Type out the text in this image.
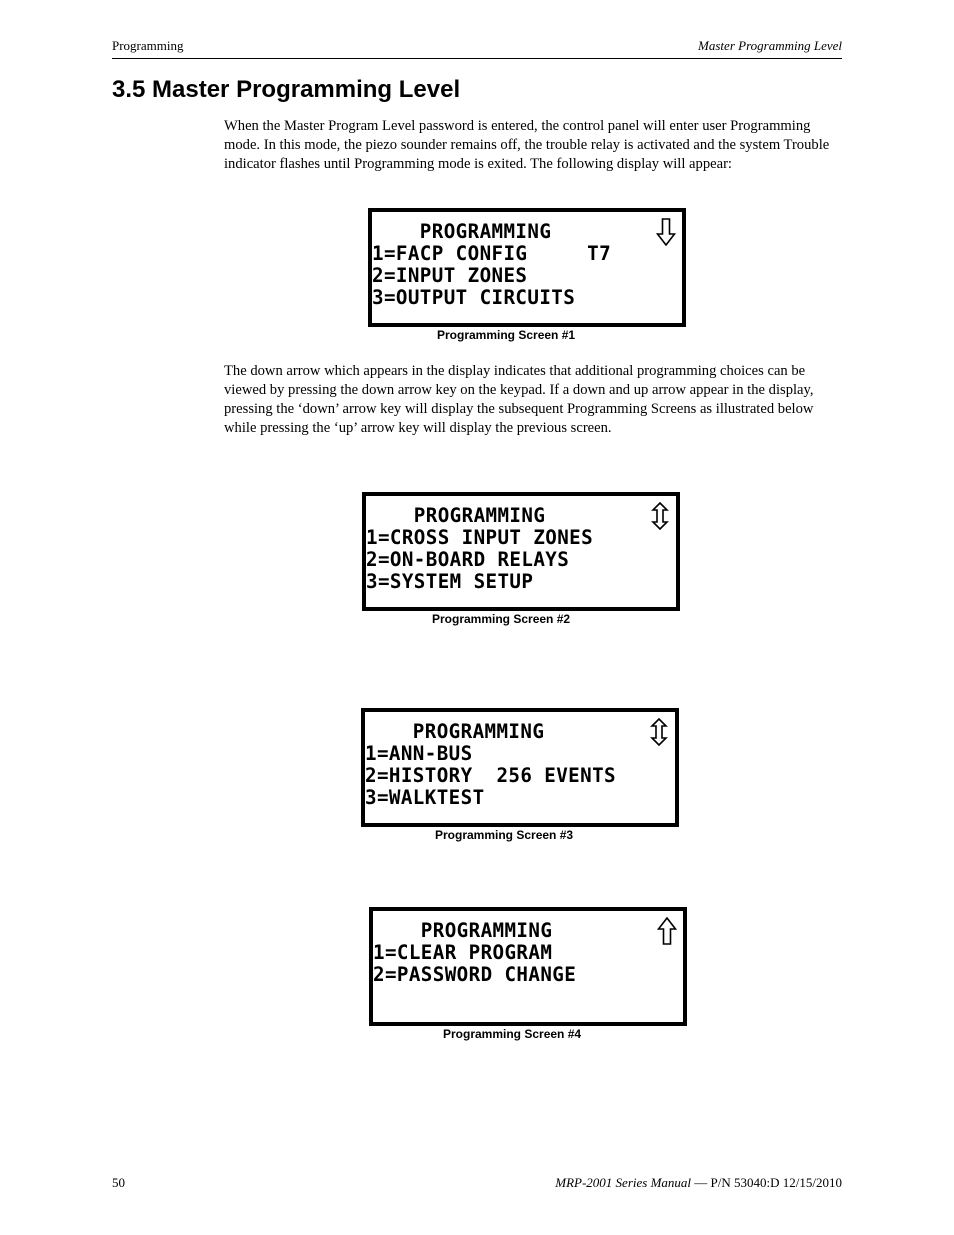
Programming	Master Programming Level
3.5 Master Programming Level

When the Master Program Level password is entered, the control panel will enter user Programming mode. In this mode, the piezo sounder remains off, the trouble relay is activated and the system Trouble indicator flashes until Programming mode is exited. The following display will appear:

PROGRAMMING
1=FACP CONFIG     T7
2=INPUT ZONES
3=OUTPUT CIRCUITS
Programming Screen #1

The down arrow which appears in the display indicates that additional programming choices can be viewed by pressing the down arrow key on the keypad. If a down and up arrow appear in the display, pressing the ‘down’ arrow key will display the subsequent Programming Screens as illustrated below while pressing the ‘up’ arrow key will display the previous screen.

PROGRAMMING
1=CROSS INPUT ZONES
2=ON-BOARD RELAYS
3=SYSTEM SETUP
Programming Screen #2
PROGRAMMING
1=ANN-BUS
2=HISTORY  256 EVENTS
3=WALKTEST
Programming Screen #3
PROGRAMMING
1=CLEAR PROGRAM
2=PASSWORD CHANGE
Programming Screen #4
50	MRP-2001 Series Manual — P/N 53040:D 12/15/2010
